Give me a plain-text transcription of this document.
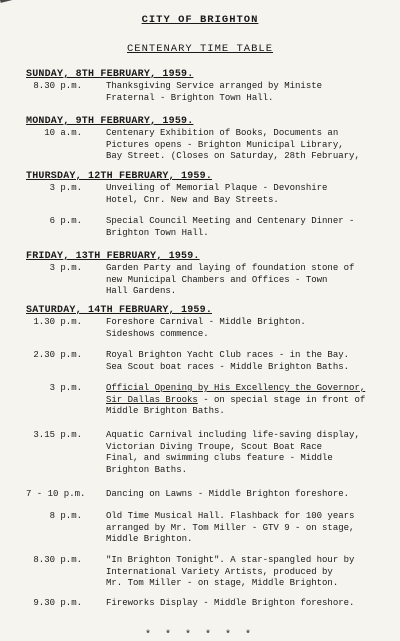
CITY OF BRIGHTON
CENTENARY TIME TABLE
SUNDAY, 8TH FEBRUARY, 1959.
8.30 p.m.	Thanksgiving Service arranged by Ministe
Fraternal - Brighton Town Hall.
MONDAY, 9TH FEBRUARY, 1959.
10 a.m.	Centenary Exhibition of Books, Documents an
Pictures opens - Brighton Municipal Library,
Bay Street. (Closes on Saturday, 28th February,
THURSDAY, 12TH FEBRUARY, 1959.
3 p.m.	Unveiling of Memorial Plaque - Devonshire
Hotel, Cnr. New and Bay Streets.
6 p.m.	Special Council Meeting and Centenary Dinner -
Brighton Town Hall.
FRIDAY, 13TH FEBRUARY, 1959.
3 p.m.	Garden Party and laying of foundation stone of
new Municipal Chambers and Offices - Town
Hall Gardens.
SATURDAY, 14TH FEBRUARY, 1959.
1.30 p.m.	Foreshore Carnival - Middle Brighton.
Sideshows commence.
2.30 p.m.	Royal Brighton Yacht Club races - in the Bay.
Sea Scout boat races - Middle Brighton Baths.
3 p.m.	Official Opening by His Excellency the Governor,
Sir Dallas Brooks - on special stage in front of
Middle Brighton Baths.
3.15 p.m.	Aquatic Carnival including life-saving display,
Victorian Diving Troupe, Scout Boat Race
Final, and swimming clubs feature - Middle
Brighton Baths.
7 - 10 p.m. Dancing on Lawns - Middle Brighton foreshore.
8 p.m.	Old Time Musical Hall. Flashback for 100 years
arranged by Mr. Tom Miller - GTV 9 - on stage,
Middle Brighton.
8.30 p.m.	"In Brighton Tonight". A star-spangled hour by
International Variety Artists, produced by
Mr. Tom Miller - on stage, Middle Brighton.
9.30 p.m.	Fireworks Display - Middle Brighton foreshore.
* * * * * *
